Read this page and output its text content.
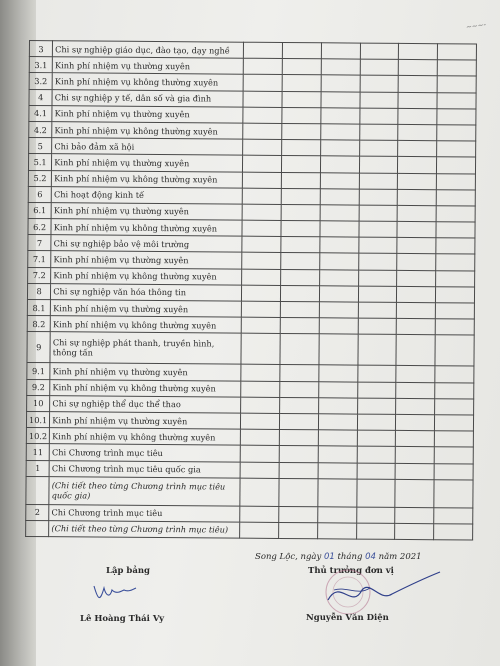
~~~-
3	Chi sự nghiệp giáo dục, đào tạo, dạy nghề						
3.1	Kinh phí nhiệm vụ thường xuyên						
3.2	Kinh phí nhiệm vụ không thường xuyên						
4	Chi sự nghiệp y tế, dân số và gia đình						
4.1	Kinh phí nhiệm vụ thường xuyên						
4.2	Kinh phí nhiệm vụ không thường xuyên						
5	Chi bảo đảm xã hội						
5.1	Kinh phí nhiệm vụ thường xuyên						
5.2	Kinh phí nhiệm vụ không thường xuyên						
6	Chi hoạt động kinh tế						
6.1	Kinh phí nhiệm vụ thường xuyên						
6.2	Kinh phí nhiệm vụ không thường xuyên						
7	Chi sự nghiệp bảo vệ môi trường						
7.1	Kinh phí nhiệm vụ thường xuyên						
7.2	Kinh phí nhiệm vụ không thường xuyên						
8	Chi sự nghiệp văn hóa thông tin						
8.1	Kinh phí nhiệm vụ thường xuyên						
8.2	Kinh phí nhiệm vụ không thường xuyên						
9	Chi sự nghiệp phát thanh, truyền hình, thông tấn						
9.1	Kinh phí nhiệm vụ thường xuyên						
9.2	Kinh phí nhiệm vụ không thường xuyên						
10	Chi sự nghiệp thể dục thể thao						
10.1	Kinh phí nhiệm vụ thường xuyên						
10.2	Kinh phí nhiệm vụ không thường xuyên						
11	Chi Chương trình mục tiêu						
1	Chi Chương trình mục tiêu quốc gia						
	(Chi tiết theo từng Chương trình mục tiêu quốc gia)						
2	Chi Chương trình mục tiêu						
	(Chi tiết theo từng Chương trình mục tiêu)						
Song Lộc, ngày 01 tháng 04 năm 2021
Lập bảng	Thủ trưởng đơn vị
Lê Hoàng Thái Vy	Nguyễn Văn Diện
